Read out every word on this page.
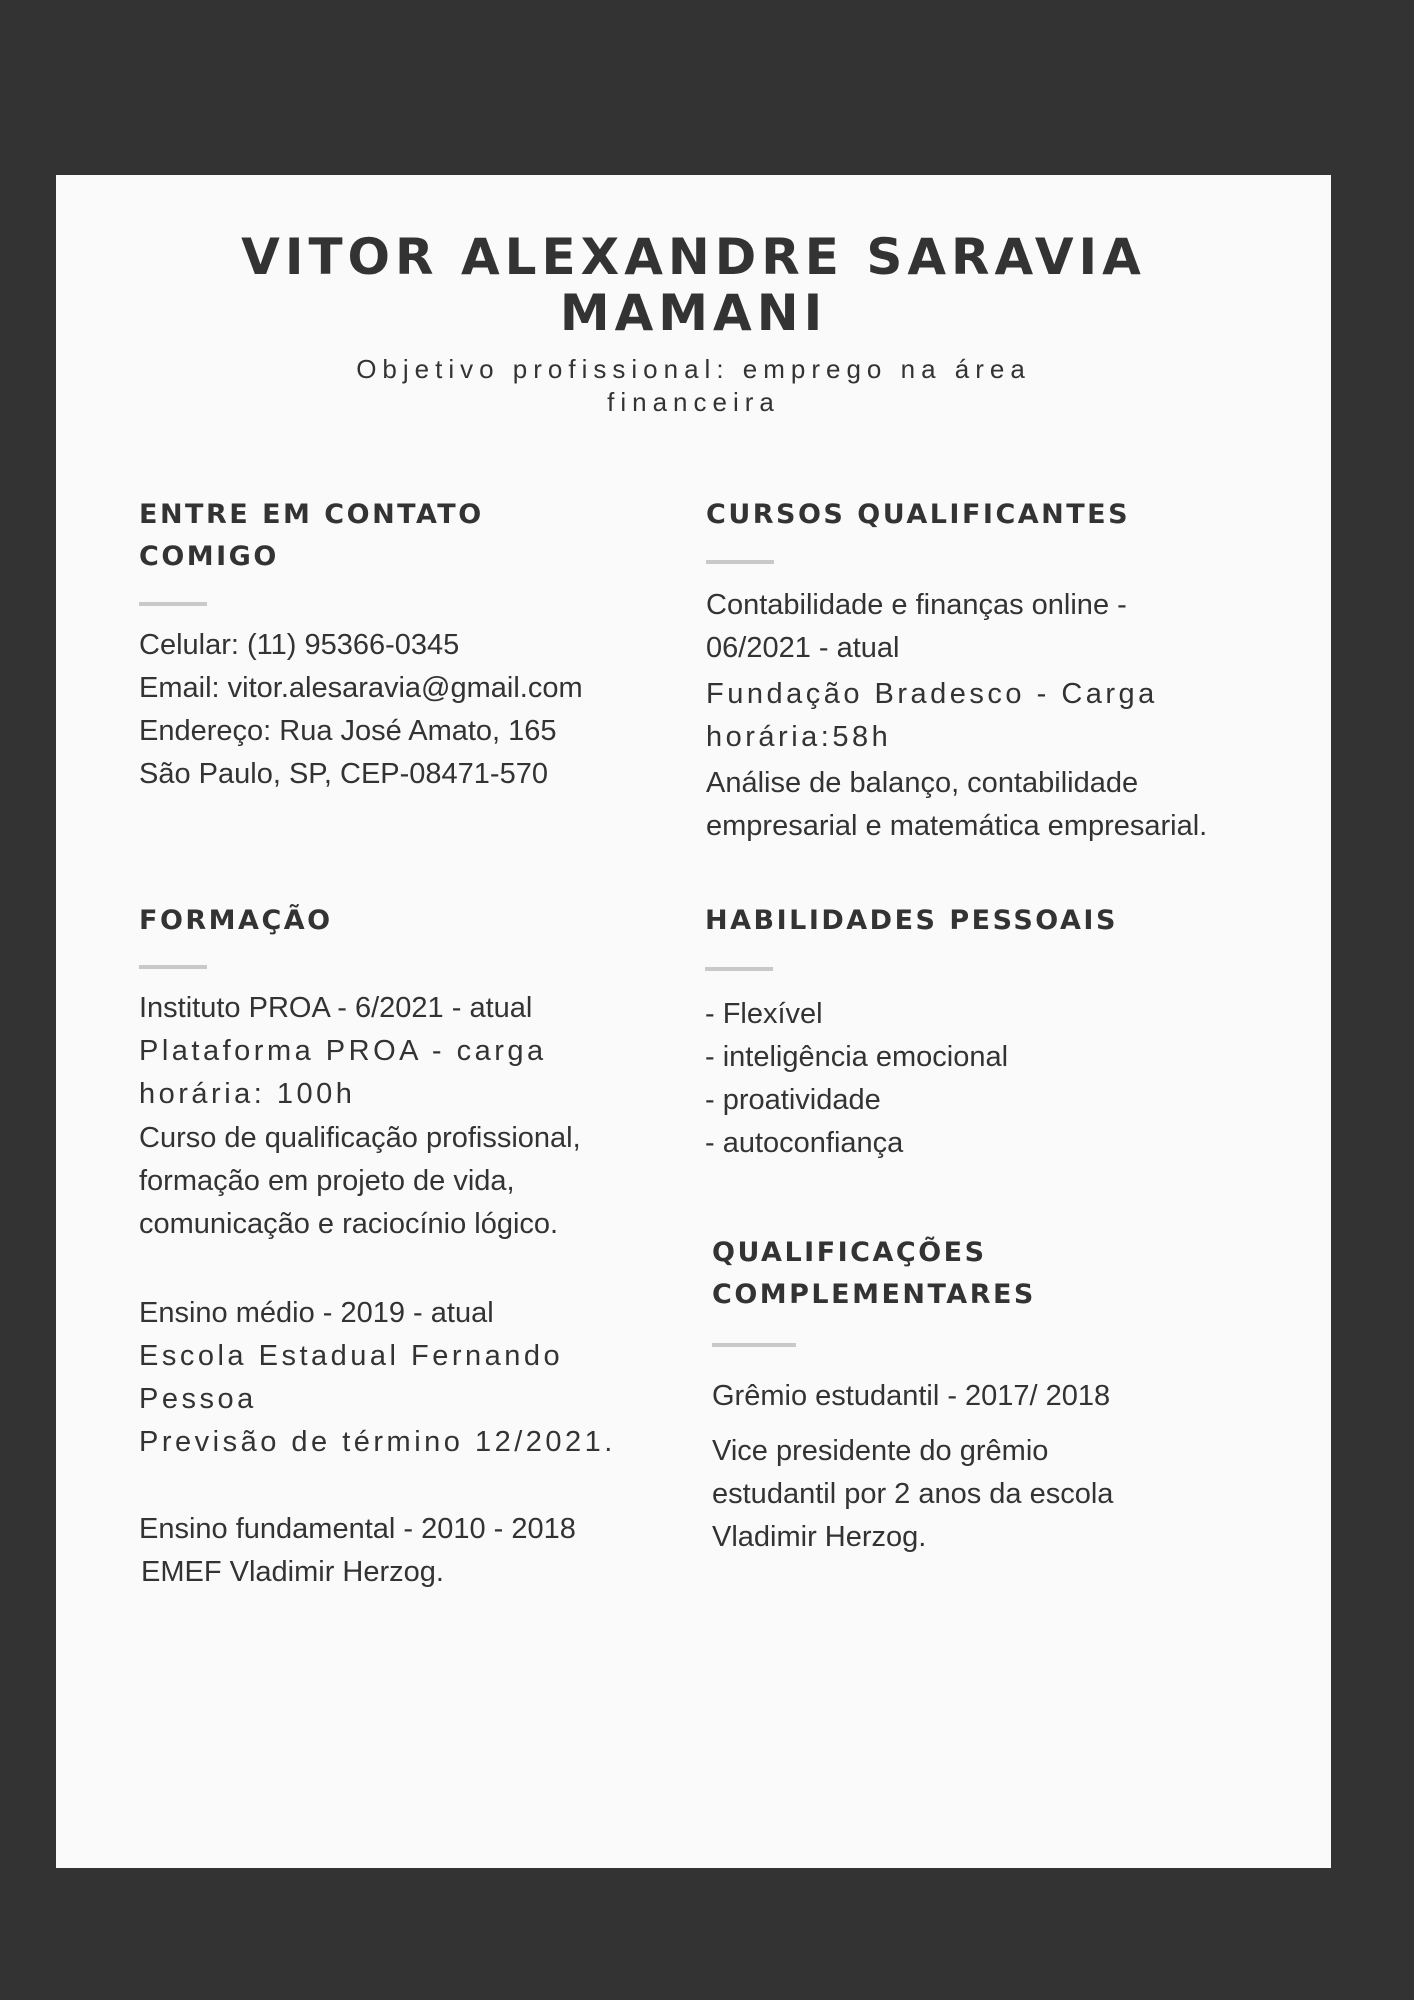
VITOR ALEXANDRE SARAVIA
MAMANI
Objetivo profissional: emprego na área
financeira
ENTRE EM CONTATO
COMIGO
Celular: (11) 95366-0345
Email: vitor.alesaravia@gmail.com
Endereço: Rua José Amato, 165
São Paulo, SP, CEP-08471-570
CURSOS QUALIFICANTES
Contabilidade e finanças online -
06/2021 - atual
Fundação Bradesco - Carga
horária:58h
Análise de balanço, contabilidade
empresarial e matemática empresarial.
FORMAÇÃO
Instituto PROA - 6/2021 - atual
Plataforma PROA - carga
horária: 100h
Curso de qualificação profissional,
formação em projeto de vida,
comunicação e raciocínio lógico.
Ensino médio - 2019 - atual
Escola Estadual Fernando
Pessoa
Previsão de término 12/2021.
Ensino fundamental - 2010 - 2018
EMEF Vladimir Herzog.
HABILIDADES PESSOAIS
- Flexível
- inteligência emocional
- proatividade
- autoconfiança
QUALIFICAÇÕES
COMPLEMENTARES
Grêmio estudantil - 2017/ 2018
Vice presidente do grêmio
estudantil por 2 anos da escola
Vladimir Herzog.
